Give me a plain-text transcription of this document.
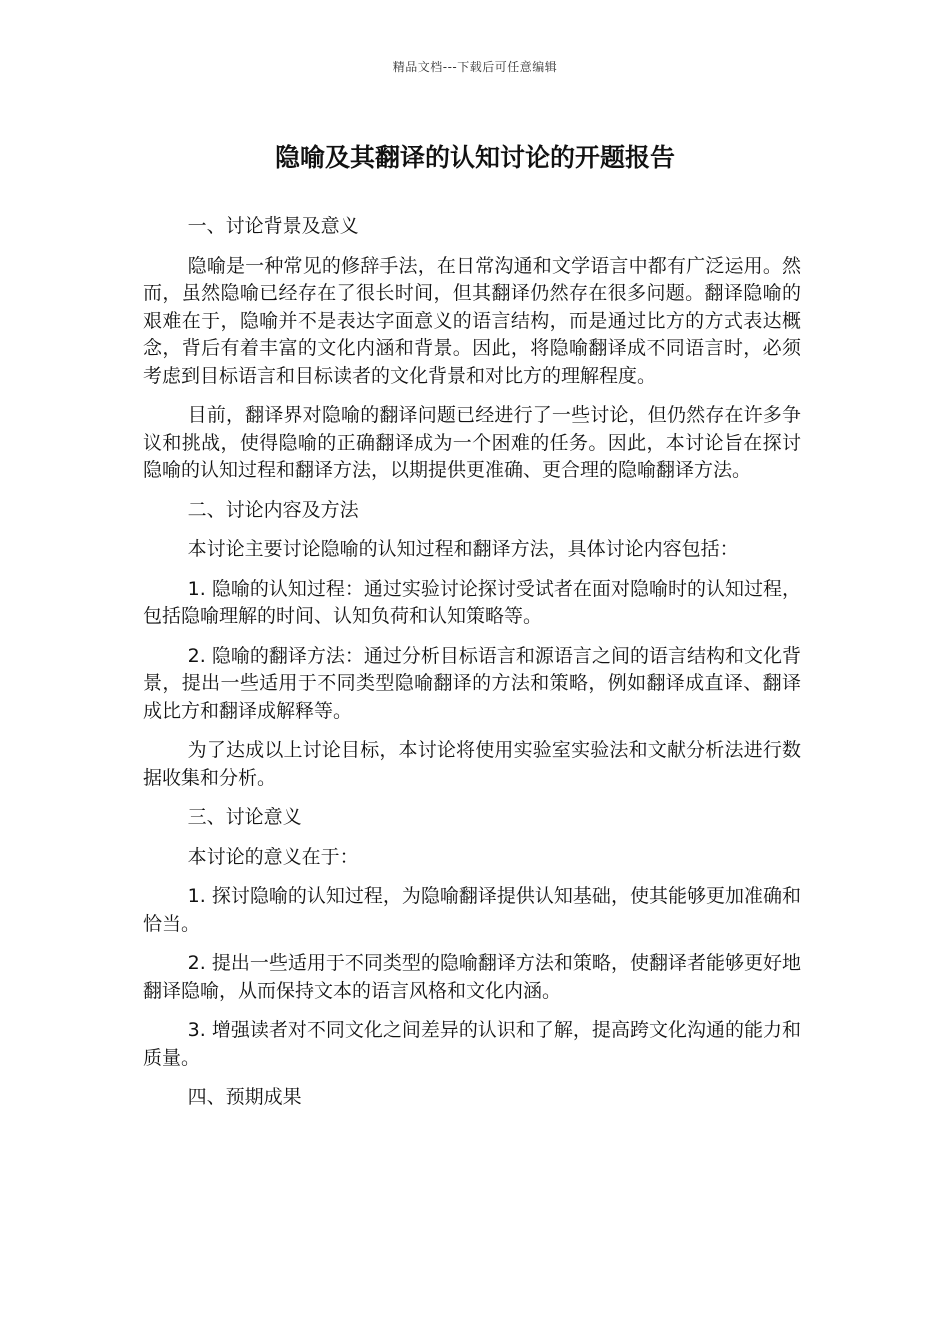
精品文档---下载后可任意编辑
隐喻及其翻译的认知讨论的开题报告

一、讨论背景及意义

隐喻是一种常见的修辞手法，在日常沟通和文学语言中都有广泛运用。然而，虽然隐喻已经存在了很长时间，但其翻译仍然存在很多问题。翻译隐喻的艰难在于，隐喻并不是表达字面意义的语言结构，而是通过比方的方式表达概念，背后有着丰富的文化内涵和背景。因此，将隐喻翻译成不同语言时，必须考虑到目标语言和目标读者的文化背景和对比方的理解程度。

目前，翻译界对隐喻的翻译问题已经进行了一些讨论，但仍然存在许多争议和挑战，使得隐喻的正确翻译成为一个困难的任务。因此，本讨论旨在探讨隐喻的认知过程和翻译方法，以期提供更准确、更合理的隐喻翻译方法。

二、讨论内容及方法

本讨论主要讨论隐喻的认知过程和翻译方法，具体讨论内容包括：

1. 隐喻的认知过程：通过实验讨论探讨受试者在面对隐喻时的认知过程，包括隐喻理解的时间、认知负荷和认知策略等。

2. 隐喻的翻译方法：通过分析目标语言和源语言之间的语言结构和文化背景，提出一些适用于不同类型隐喻翻译的方法和策略，例如翻译成直译、翻译成比方和翻译成解释等。

为了达成以上讨论目标，本讨论将使用实验室实验法和文献分析法进行数据收集和分析。

三、讨论意义

本讨论的意义在于：

1. 探讨隐喻的认知过程，为隐喻翻译提供认知基础，使其能够更加准确和恰当。

2. 提出一些适用于不同类型的隐喻翻译方法和策略，使翻译者能够更好地翻译隐喻，从而保持文本的语言风格和文化内涵。

3. 增强读者对不同文化之间差异的认识和了解，提高跨文化沟通的能力和质量。

四、预期成果
